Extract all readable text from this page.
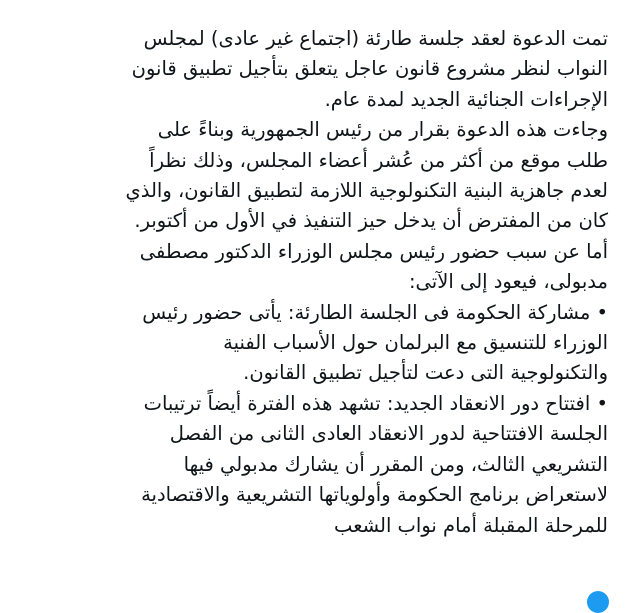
تمت الدعوة لعقد جلسة طارئة (اجتماع غير عادى) لمجلس
النواب لنظر مشروع قانون عاجل يتعلق بتأجيل تطبيق قانون
الإجراءات الجنائية الجديد لمدة عام.
وجاءت هذه الدعوة بقرار من رئيس الجمهورية وبناءً على
طلب موقع من أكثر من عُشر أعضاء المجلس، وذلك نظراً
لعدم جاهزية البنية التكنولوجية اللازمة لتطبيق القانون، والذي
كان من المفترض أن يدخل حيز التنفيذ في الأول من أكتوبر.
أما عن سبب حضور رئيس مجلس الوزراء الدكتور مصطفى
مدبولى، فيعود إلى الآتى:
• مشاركة الحكومة فى الجلسة الطارئة: يأتى حضور رئيس
الوزراء للتنسيق مع البرلمان حول الأسباب الفنية
والتكنولوجية التى دعت لتأجيل تطبيق القانون.
• افتتاح دور الانعقاد الجديد: تشهد هذه الفترة أيضاً ترتيبات
الجلسة الافتتاحية لدور الانعقاد العادى الثانى من الفصل
التشريعي الثالث، ومن المقرر أن يشارك مدبولي فيها
لاستعراض برنامج الحكومة وأولوياتها التشريعية والاقتصادية
للمرحلة المقبلة أمام نواب الشعب
